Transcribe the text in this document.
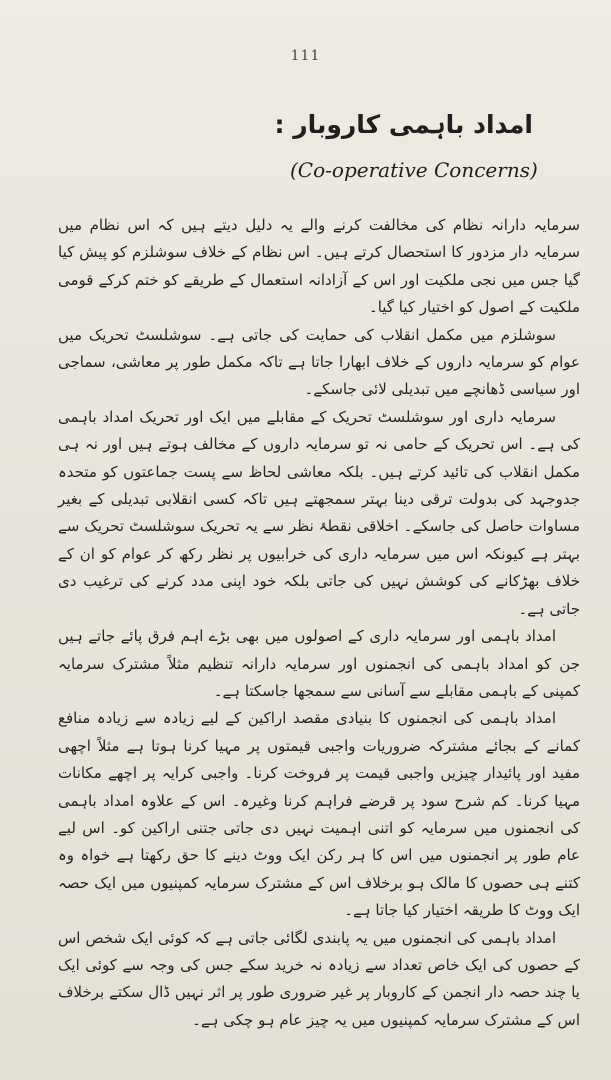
111
امداد باہمی کاروبار :
(Co-operative Concerns)

سرمایہ دارانہ نظام کی مخالفت کرنے والے یہ دلیل دیتے ہیں کہ اس نظام میں سرمایہ دار مزدور کا استحصال کرتے ہیں۔ اس نظام کے خلاف سوشلزم کو پیش کیا گیا جس میں نجی ملکیت اور اس کے آزادانہ استعمال کے طریقے کو ختم کرکے قومی ملکیت کے اصول کو اختیار کیا گیا۔

سوشلزم میں مکمل انقلاب کی حمایت کی جاتی ہے۔ سوشلسٹ تحریک میں عوام کو سرمایہ داروں کے خلاف ابھارا جاتا ہے تاکہ مکمل طور پر معاشی، سماجی اور سیاسی ڈھانچے میں تبدیلی لائی جاسکے۔

سرمایہ داری اور سوشلسٹ تحریک کے مقابلے میں ایک اور تحریک امداد باہمی کی ہے۔ اس تحریک کے حامی نہ تو سرمایہ داروں کے مخالف ہوتے ہیں اور نہ ہی مکمل انقلاب کی تائید کرتے ہیں۔ بلکہ معاشی لحاظ سے پست جماعتوں کو متحدہ جدوجہد کی بدولت ترقی دینا بہتر سمجھتے ہیں تاکہ کسی انقلابی تبدیلی کے بغیر مساوات حاصل کی جاسکے۔ اخلاقی نقطۂ نظر سے یہ تحریک سوشلسٹ تحریک سے بہتر ہے کیونکہ اس میں سرمایہ داری کی خرابیوں پر نظر رکھ کر عوام کو ان کے خلاف بھڑکانے کی کوشش نہیں کی جاتی بلکہ خود اپنی مدد کرنے کی ترغیب دی جاتی ہے۔

امداد باہمی اور سرمایہ داری کے اصولوں میں بھی بڑے اہم فرق پائے جاتے ہیں جن کو امداد باہمی کی انجمنوں اور سرمایہ دارانہ تنظیم مثلاً مشترک سرمایہ کمپنی کے باہمی مقابلے سے آسانی سے سمجھا جاسکتا ہے۔

امداد باہمی کی انجمنوں کا بنیادی مقصد اراکین کے لیے زیادہ سے زیادہ منافع کمانے کے بجائے مشترکہ ضروریات واجبی قیمتوں پر مہیا کرنا ہوتا ہے مثلاً اچھی مفید اور پائیدار چیزیں واجبی قیمت پر فروخت کرنا۔ واجبی کرایہ پر اچھے مکانات مہیا کرنا۔ کم شرح سود پر قرضے فراہم کرنا وغیرہ۔ اس کے علاوہ امداد باہمی کی انجمنوں میں سرمایہ کو اتنی اہمیت نہیں دی جاتی جتنی اراکین کو۔ اس لیے عام طور پر انجمنوں میں اس کا ہر رکن ایک ووٹ دینے کا حق رکھتا ہے خواہ وہ کتنے ہی حصوں کا مالک ہو برخلاف اس کے مشترک سرمایہ کمپنیوں میں ایک حصہ ایک ووٹ کا طریقہ اختیار کیا جاتا ہے۔

امداد باہمی کی انجمنوں میں یہ پابندی لگائی جاتی ہے کہ کوئی ایک شخص اس کے حصوں کی ایک خاص تعداد سے زیادہ نہ خرید سکے جس کی وجہ سے کوئی ایک یا چند حصہ دار انجمن کے کاروبار پر غیر ضروری طور پر اثر نہیں ڈال سکتے برخلاف اس کے مشترک سرمایہ کمپنیوں میں یہ چیز عام ہو چکی ہے۔
